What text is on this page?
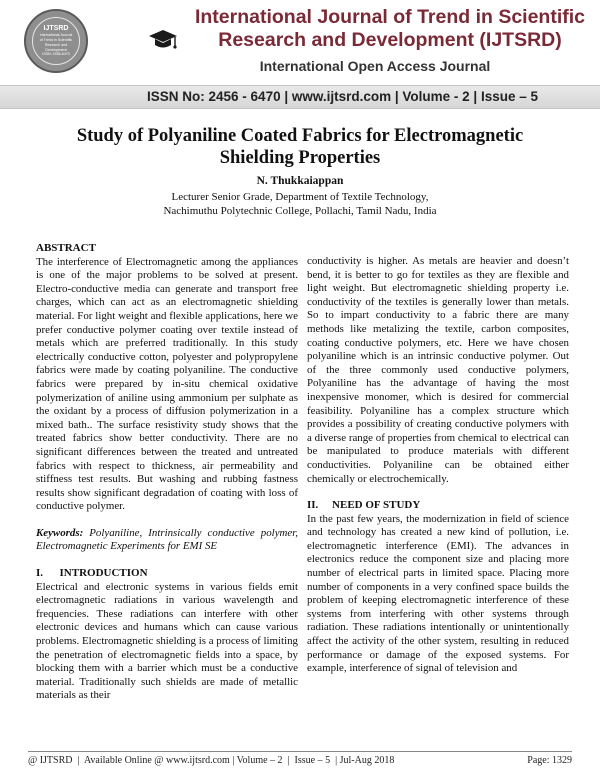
IJTSRD
International Journal
of Trend in Scientific
Research and
Development
ISSN: 2456-6470
International Journal of Trend in Scientific
Research and Development (IJTSRD)
International Open Access Journal
ISSN No: 2456 - 6470 | www.ijtsrd.com | Volume - 2 | Issue – 5
Study of Polyaniline Coated Fabrics for Electromagnetic
Shielding Properties
N. Thukkaiappan
Lecturer Senior Grade, Department of Textile Technology,
Nachimuthu Polytechnic College, Pollachi, Tamil Nadu, India
ABSTRACT
The interference of Electromagnetic among the appliances is one of the major problems to be solved at present. Electro-conductive media can generate and transport free charges, which can act as an electromagnetic shielding material. For light weight and flexible applications, here we prefer conductive polymer coating over textile instead of metals which are preferred traditionally. In this study electrically conductive cotton, polyester and polypropylene fabrics were made by coating polyaniline. The conductive fabrics were prepared by in-situ chemical oxidative polymerization of aniline using ammonium per sulphate as the oxidant by a process of diffusion polymerization in a mixed bath.. The surface resistivity study shows that the treated fabrics show better conductivity. There are no significant differences between the treated and untreated fabrics with respect to thickness, air permeability and stiffness test results. But washing and rubbing fastness results show significant degradation of coating with loss of conductive polymer.
Keywords: Polyaniline, Intrinsically conductive polymer, Electromagnetic Experiments for EMI SE
I.      INTRODUCTION
Electrical and electronic systems in various fields emit electromagnetic radiations in various wavelength and frequencies. These radiations can interfere with other electronic devices and humans which can cause various problems. Electromagnetic shielding is a process of limiting the penetration of electromagnetic fields into a space, by blocking them with a barrier which must be a conductive material. Traditionally such shields are made of metallic materials as their
conductivity is higher. As metals are heavier and doesn’t bend, it is better to go for textiles as they are flexible and light weight. But electromagnetic shielding property i.e. conductivity of the textiles is generally lower than metals. So to impart conductivity to a fabric there are many methods like metalizing the textile, carbon composites, coating conductive polymers, etc. Here we have chosen polyaniline which is an intrinsic conductive polymer. Out of the three commonly used conductive polymers, Polyaniline has the advantage of having the most inexpensive monomer, which is desired for commercial feasibility. Polyaniline has a complex structure which provides a possibility of creating conductive polymers with a diverse range of properties from chemical to electrical can be manipulated to produce materials with different conductivities. Polyaniline can be obtained either chemically or electrochemically.
II.     NEED OF STUDY
In the past few years, the modernization in field of science and technology has created a new kind of pollution, i.e. electromagnetic interference (EMI). The advances in electronics reduce the component size and placing more number of electrical parts in limited space. Placing more number of components in a very confined space builds the problem of keeping electromagnetic interference of these systems from interfering with other systems through radiation. These radiations intentionally or unintentionally affect the activity of the other system, resulting in reduced performance or damage of the exposed systems. For example, interference of signal of television and
@ IJTSRD  |  Available Online @ www.ijtsrd.com | Volume – 2  |  Issue – 5  | Jul-Aug 2018	Page: 1329
